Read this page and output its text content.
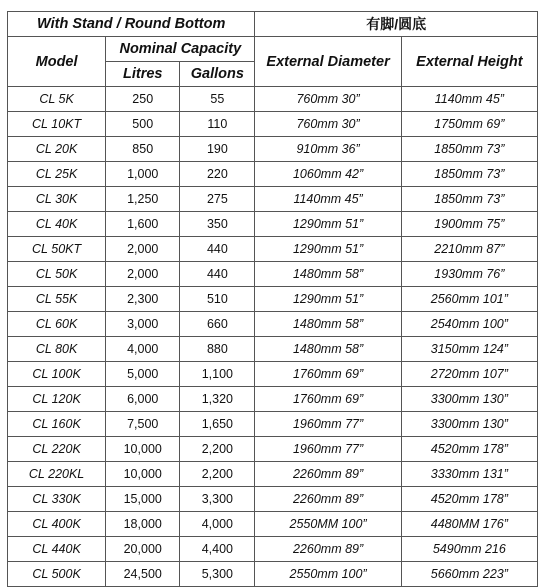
With Stand / Round Bottom			有脚/圆底	
Model	Nominal Capacity		External Diameter	External Height
	Litres	Gallons		
CL 5K	250	55	760mm 30”	1140mm 45”
CL 10KT	500	110	760mm 30”	1750mm 69”
CL 20K	850	190	910mm 36”	1850mm 73”
CL 25K	1,000	220	1060mm 42”	1850mm 73”
CL 30K	1,250	275	1140mm 45”	1850mm 73”
CL 40K	1,600	350	1290mm 51”	1900mm 75”
CL 50KT	2,000	440	1290mm 51”	2210mm 87”
CL 50K	2,000	440	1480mm 58”	1930mm 76”
CL 55K	2,300	510	1290mm 51”	2560mm 101”
CL 60K	3,000	660	1480mm 58”	2540mm 100”
CL 80K	4,000	880	1480mm 58”	3150mm 124”
CL 100K	5,000	1,100	1760mm 69”	2720mm 107”
CL 120K	6,000	1,320	1760mm 69”	3300mm 130”
CL 160K	7,500	1,650	1960mm 77”	3300mm 130”
CL 220K	10,000	2,200	1960mm 77”	4520mm 178”
CL 220KL	10,000	2,200	2260mm 89”	3330mm 131”
CL 330K	15,000	3,300	2260mm 89”	4520mm 178”
CL 400K	18,000	4,000	2550MM 100”	4480MM 176”
CL 440K	20,000	4,400	2260mm 89”	5490mm 216
CL 500K	24,500	5,300	2550mm 100”	5660mm 223”
